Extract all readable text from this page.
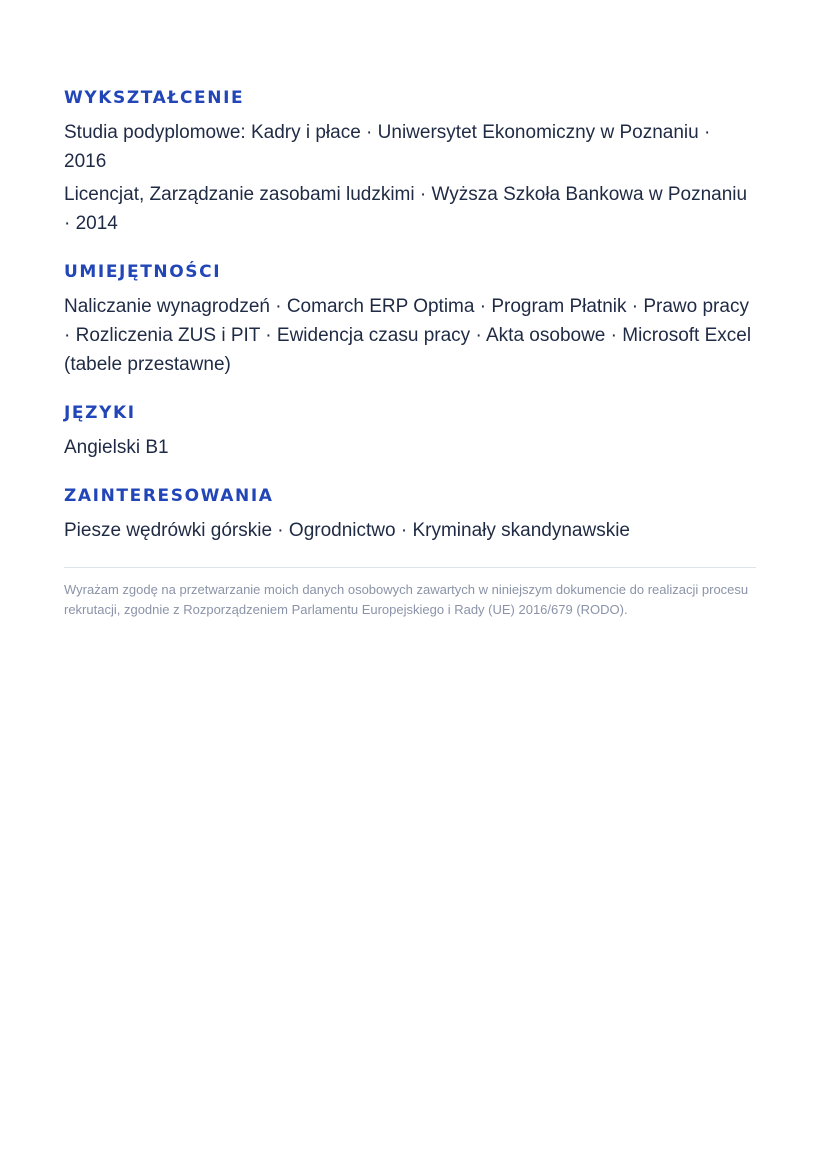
WYKSZTAŁCENIE

Studia podyplomowe: Kadry i płace · Uniwersytet Ekonomiczny w Poznaniu · 2016

Licencjat, Zarządzanie zasobami ludzkimi · Wyższa Szkoła Bankowa w Poznaniu · 2014

UMIEJĘTNOŚCI

Naliczanie wynagrodzeń · Comarch ERP Optima · Program Płatnik · Prawo pracy · Rozliczenia ZUS i PIT · Ewidencja czasu pracy · Akta osobowe · Microsoft Excel (tabele przestawne)

JĘZYKI

Angielski B1

ZAINTERESOWANIA

Piesze wędrówki górskie · Ogrodnictwo · Kryminały skandynawskie

Wyrażam zgodę na przetwarzanie moich danych osobowych zawartych w niniejszym dokumencie do realizacji procesu rekrutacji, zgodnie z Rozporządzeniem Parlamentu Europejskiego i Rady (UE) 2016/679 (RODO).
